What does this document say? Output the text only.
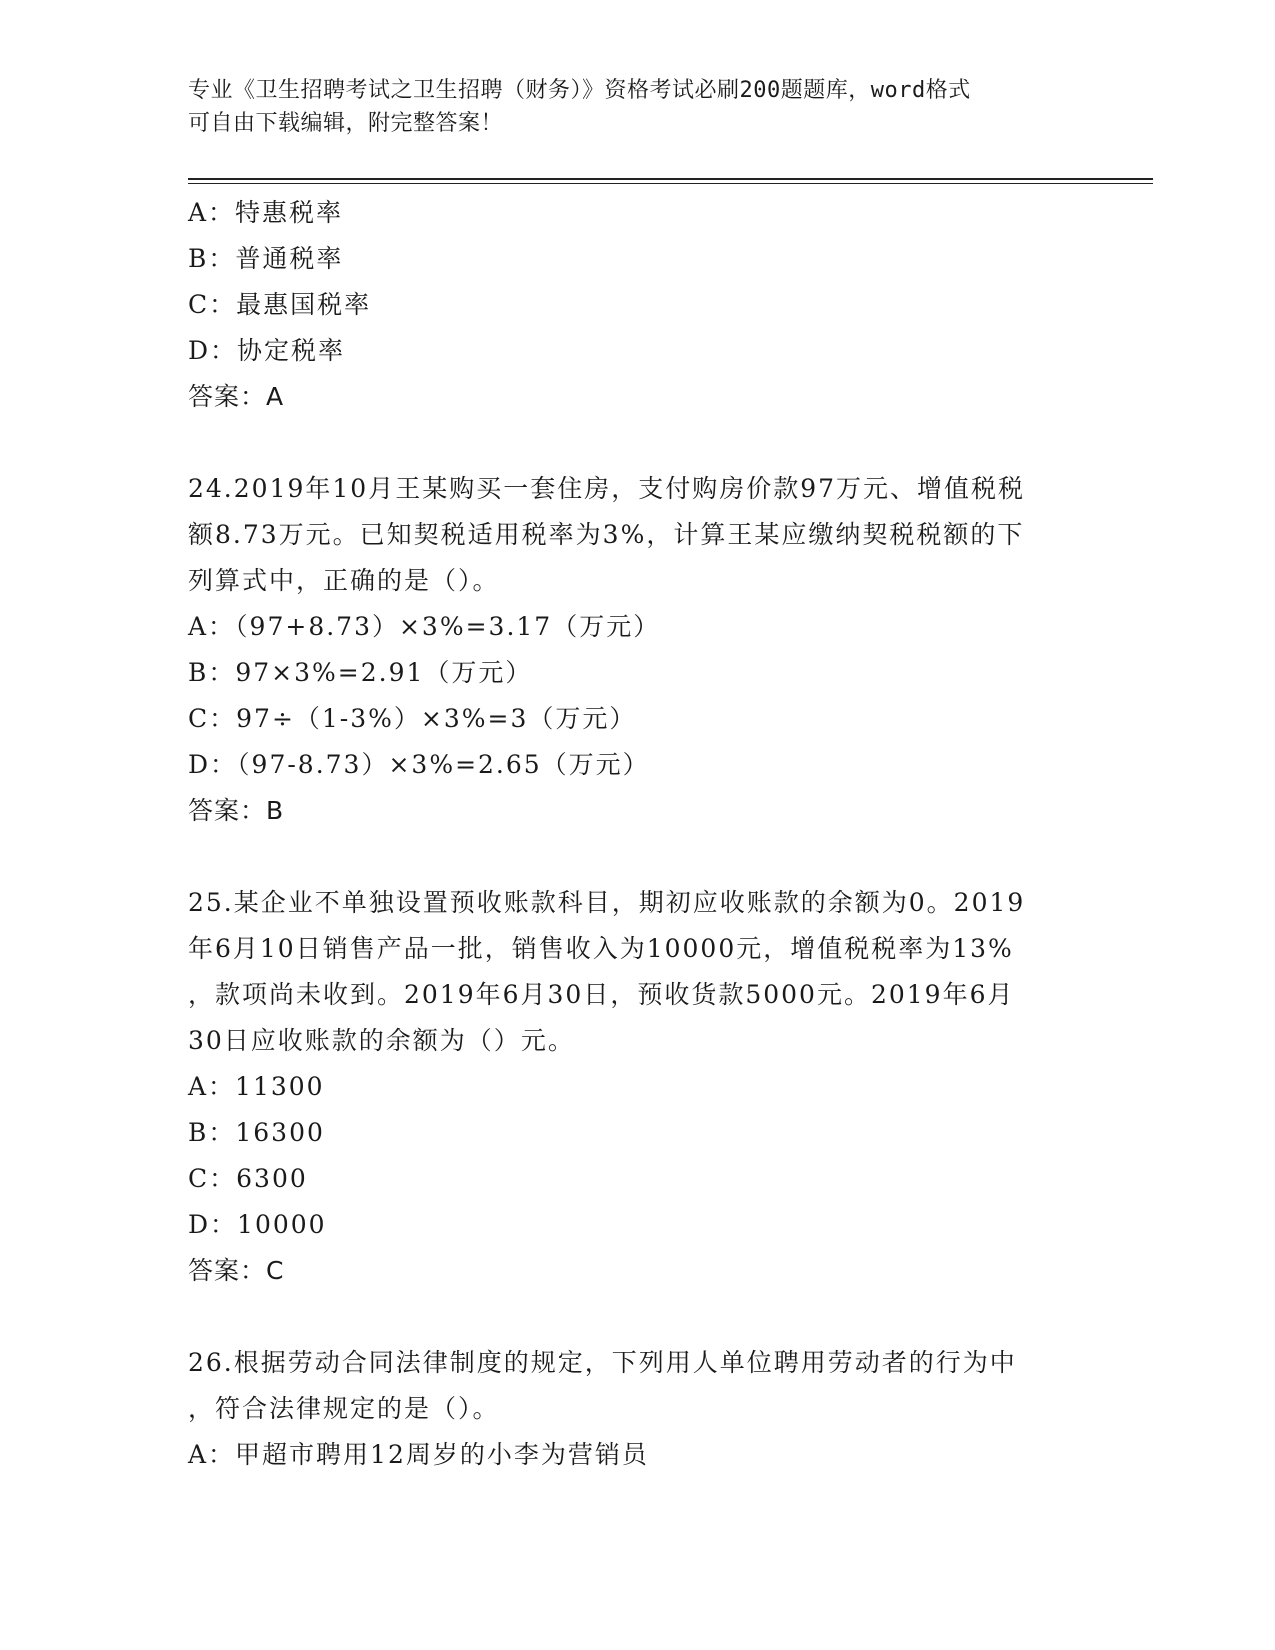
专业《卫生招聘考试之卫生招聘（财务）》资格考试必刷200题题库，word格式
可自由下载编辑，附完整答案！
A：特惠税率
B：普通税率
C：最惠国税率
D：协定税率
答案：A
24.2019年10月王某购买一套住房，支付购房价款97万元、增值税税
额8.73万元。已知契税适用税率为3%，计算王某应缴纳契税税额的下
列算式中，正确的是（）。
A：（97+8.73）×3%=3.17（万元）
B：97×3%=2.91（万元）
C：97÷（1-3%）×3%=3（万元）
D：（97-8.73）×3%=2.65（万元）
答案：B
25.某企业不单独设置预收账款科目，期初应收账款的余额为0。2019
年6月10日销售产品一批，销售收入为10000元，增值税税率为13%
，款项尚未收到。2019年6月30日，预收货款5000元。2019年6月
30日应收账款的余额为（）元。
A：11300
B：16300
C：6300
D：10000
答案：C
26.根据劳动合同法律制度的规定，下列用人单位聘用劳动者的行为中
，符合法律规定的是（）。
A：甲超市聘用12周岁的小李为营销员
